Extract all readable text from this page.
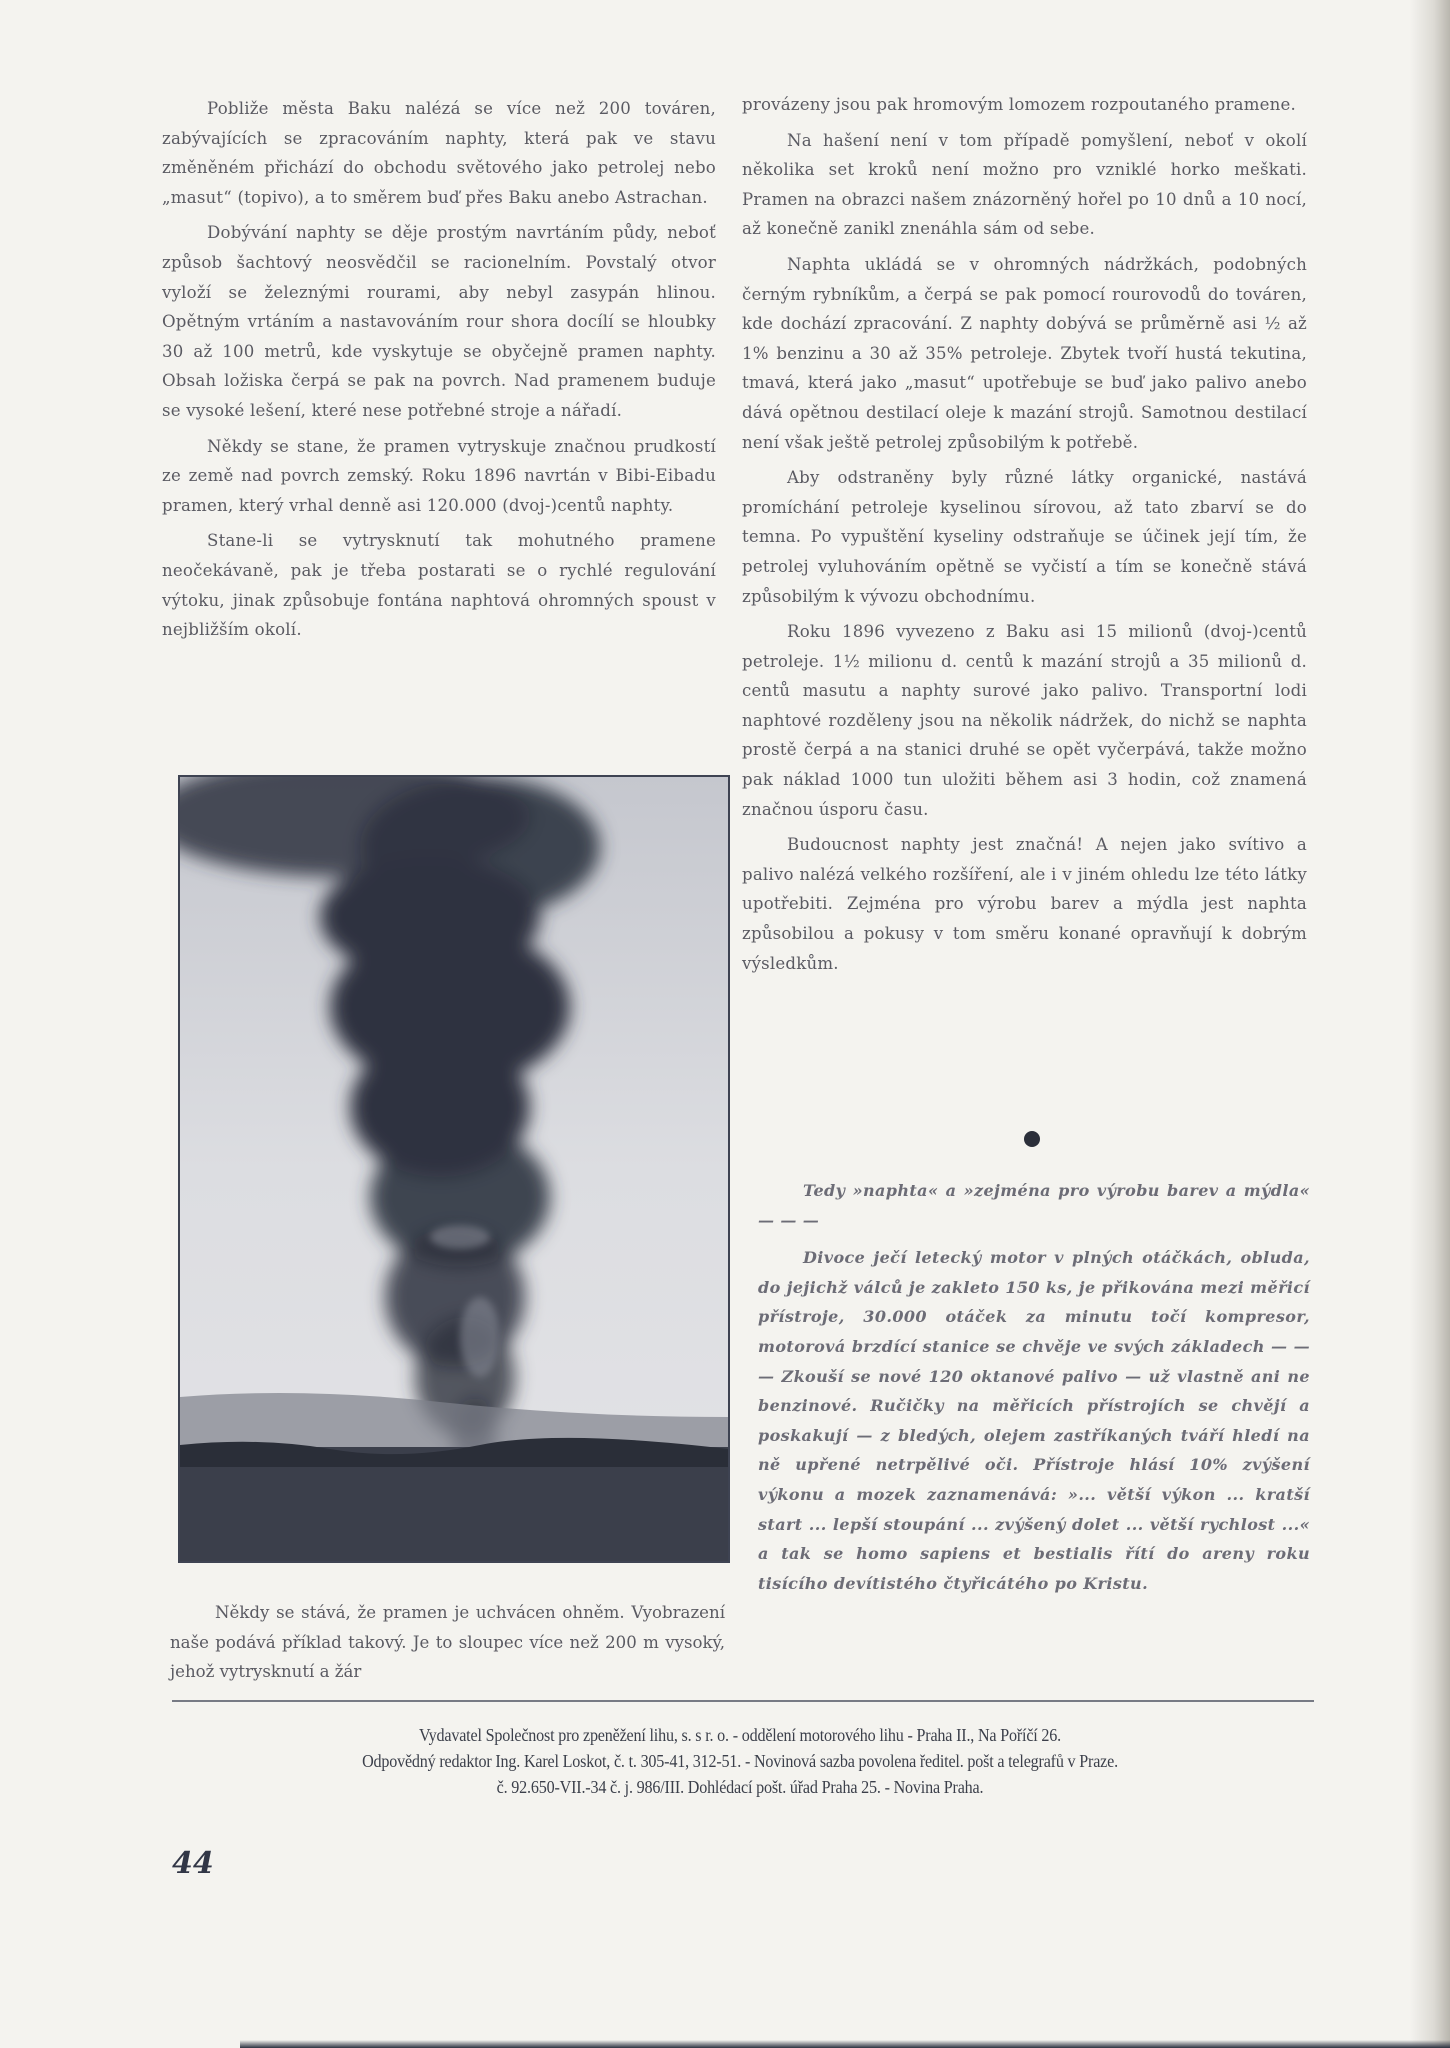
Pobliže města Baku nalézá se více než 200 továren, zabývajících se zpracováním naphty, která pak ve stavu změněném přichází do obchodu světového jako petrolej nebo „masut“ (topivo), a to směrem buď přes Baku anebo Astrachan.

Dobývání naphty se děje prostým navrtáním půdy, neboť způsob šachtový neosvědčil se racionelním. Povstalý otvor vyloží se železnými rourami, aby nebyl zasypán hlinou. Opětným vrtáním a nastavováním rour shora docílí se hloubky 30 až 100 metrů, kde vyskytuje se obyčejně pramen naphty. Obsah ložiska čerpá se pak na povrch. Nad pramenem buduje se vysoké lešení, které nese potřebné stroje a nářadí.

Někdy se stane, že pramen vytryskuje značnou prudkostí ze země nad povrch zemský. Roku 1896 navrtán v Bibi-Eibadu pramen, který vrhal denně asi 120.000 (dvoj-)centů naphty.

Stane-li se vytrysknutí tak mohutného pramene neočekávaně, pak je třeba postarati se o rychlé regulování výtoku, jinak způsobuje fontána naphtová ohromných spoust v nejbližším okolí.

Někdy se stává, že pramen je uchvácen ohněm. Vyobrazení naše podává příklad takový. Je to sloupec více než 200 m vysoký, jehož vytrysknutí a žár

provázeny jsou pak hromovým lomozem rozpoutaného pramene.

Na hašení není v tom případě pomyšlení, neboť v okolí několika set kroků není možno pro vzniklé horko meškati. Pramen na obrazci našem znázorněný hořel po 10 dnů a 10 nocí, až konečně zanikl znenáhla sám od sebe.

Naphta ukládá se v ohromných nádržkách, podobných černým rybníkům, a čerpá se pak pomocí rourovodů do továren, kde dochází zpracování. Z naphty dobývá se průměrně asi ½ až 1% benzinu a 30 až 35% petroleje. Zbytek tvoří hustá tekutina, tmavá, která jako „masut“ upotřebuje se buď jako palivo anebo dává opětnou destilací oleje k mazání strojů. Samotnou destilací není však ještě petrolej způsobilým k potřebě.

Aby odstraněny byly různé látky organické, nastává promíchání petroleje kyselinou sírovou, až tato zbarví se do temna. Po vypuštění kyseliny odstraňuje se účinek její tím, že petrolej vyluhováním opětně se vyčistí a tím se konečně stává způsobilým k vývozu obchodnímu.

Roku 1896 vyvezeno z Baku asi 15 milionů (dvoj-)centů petroleje. 1½ milionu d. centů k mazání strojů a 35 milionů d. centů masutu a naphty surové jako palivo. Transportní lodi naphtové rozděleny jsou na několik nádržek, do nichž se naphta prostě čerpá a na stanici druhé se opět vyčerpává, takže možno pak náklad 1000 tun uložiti během asi 3 hodin, což znamená značnou úsporu času.

Budoucnost naphty jest značná! A nejen jako svítivo a palivo nalézá velkého rozšíření, ale i v jiném ohledu lze této látky upotřebiti. Zejména pro výrobu barev a mýdla jest naphta způsobilou a pokusy v tom směru konané opravňují k dobrým výsledkům.

Tedy »naphta« a »zejména pro výrobu barev a mýdla« — — —

Divoce ječí letecký motor v plných otáčkách, obluda, do jejichž válců je zakleto 150 ks, je přikována mezi měřicí přístroje, 30.000 otáček za minutu točí kompresor, motorová brzdící stanice se chvěje ve svých základech — — — Zkouší se nové 120 oktanové palivo — už vlastně ani ne benzinové. Ručičky na měřicích přístrojích se chvějí a poskakují — z bledých, olejem zastříkaných tváří hledí na ně upřené netrpělivé oči. Přístroje hlásí 10% zvýšení výkonu a mozek zaznamenává: »... větší výkon ... kratší start ... lepší stoupání ... zvýšený dolet ... větší rychlost ...« a tak se homo sapiens et bestialis řítí do areny roku tisícího devítistého čtyřicátého po Kristu.

Vydavatel Společnost pro zpeněžení lihu, s. s r. o. - oddělení motorového lihu - Praha II., Na Poříčí 26.
Odpovědný redaktor Ing. Karel Loskot, č. t. 305-41, 312-51. - Novinová sazba povolena ředitel. pošt a telegrafů v Praze.
č. 92.650-VII.-34 č. j. 986/III. Dohlédací pošt. úřad Praha 25. - Novina Praha.
44
